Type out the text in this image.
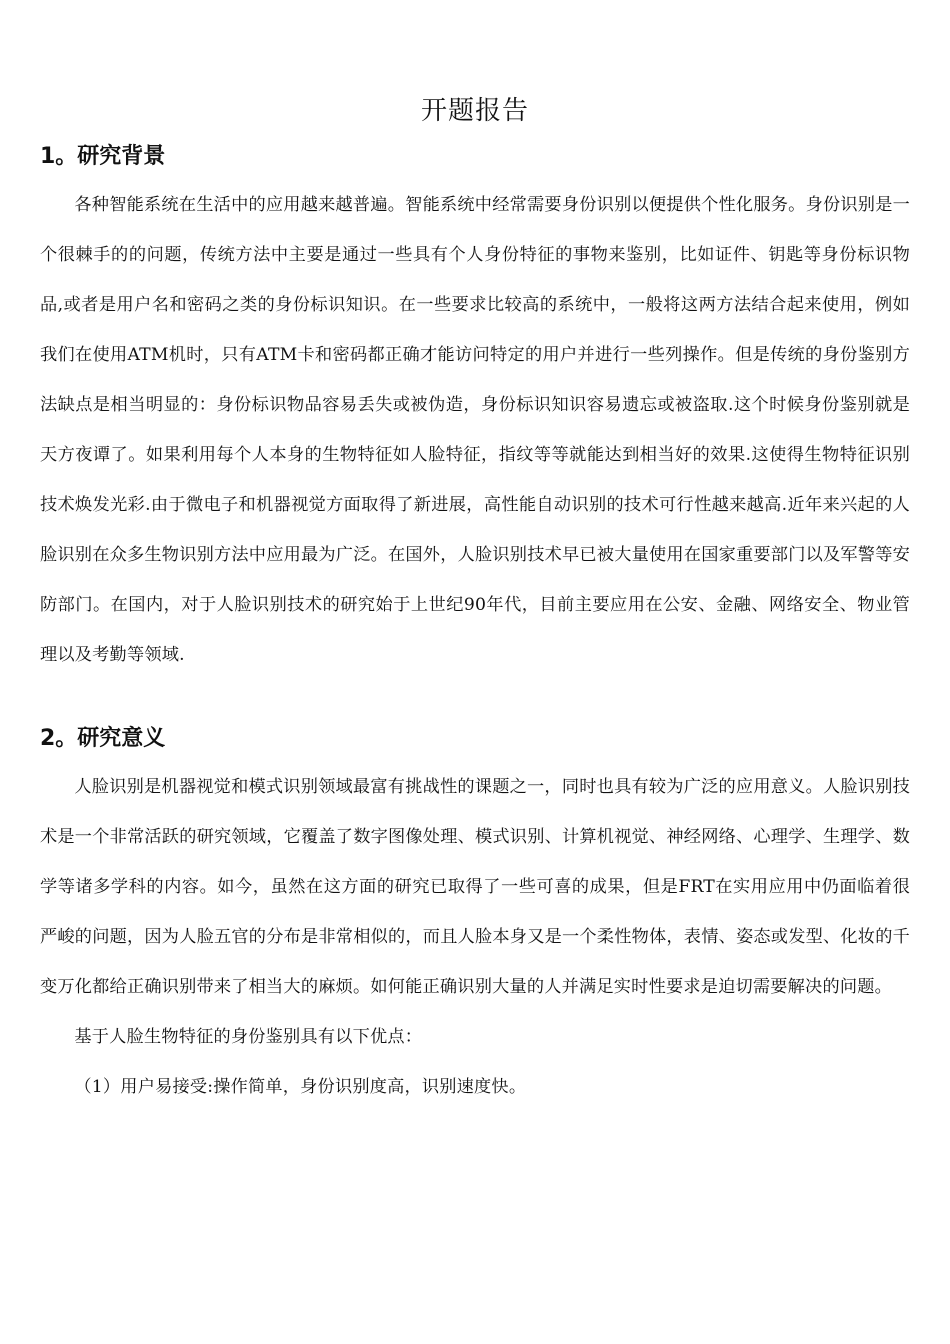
开题报告
1。研究背景

各种智能系统在生活中的应用越来越普遍。智能系统中经常需要身份识别以便提供个性化服务。身份识别是一个很棘手的的问题，传统方法中主要是通过一些具有个人身份特征的事物来鉴别，比如证件、钥匙等身份标识物品,或者是用户名和密码之类的身份标识知识。在一些要求比较高的系统中，一般将这两方法结合起来使用，例如我们在使用ATM机时，只有ATM卡和密码都正确才能访问特定的用户并进行一些列操作。但是传统的身份鉴别方法缺点是相当明显的：身份标识物品容易丢失或被伪造，身份标识知识容易遗忘或被盗取.这个时候身份鉴别就是天方夜谭了。如果利用每个人本身的生物特征如人脸特征，指纹等等就能达到相当好的效果.这使得生物特征识别技术焕发光彩.由于微电子和机器视觉方面取得了新进展，高性能自动识别的技术可行性越来越高.近年来兴起的人脸识别在众多生物识别方法中应用最为广泛。在国外，人脸识别技术早已被大量使用在国家重要部门以及军警等安防部门。在国内，对于人脸识别技术的研究始于上世纪90年代，目前主要应用在公安、金融、网络安全、物业管理以及考勤等领域.

2。研究意义

人脸识别是机器视觉和模式识别领域最富有挑战性的课题之一，同时也具有较为广泛的应用意义。人脸识别技术是一个非常活跃的研究领域，它覆盖了数字图像处理、模式识别、计算机视觉、神经网络、心理学、生理学、数学等诸多学科的内容。如今，虽然在这方面的研究已取得了一些可喜的成果，但是FRT在实用应用中仍面临着很严峻的问题，因为人脸五官的分布是非常相似的，而且人脸本身又是一个柔性物体，表情、姿态或发型、化妆的千变万化都给正确识别带来了相当大的麻烦。如何能正确识别大量的人并满足实时性要求是迫切需要解决的问题。

基于人脸生物特征的身份鉴别具有以下优点：

（1）用户易接受:操作简单，身份识别度高，识别速度快。
